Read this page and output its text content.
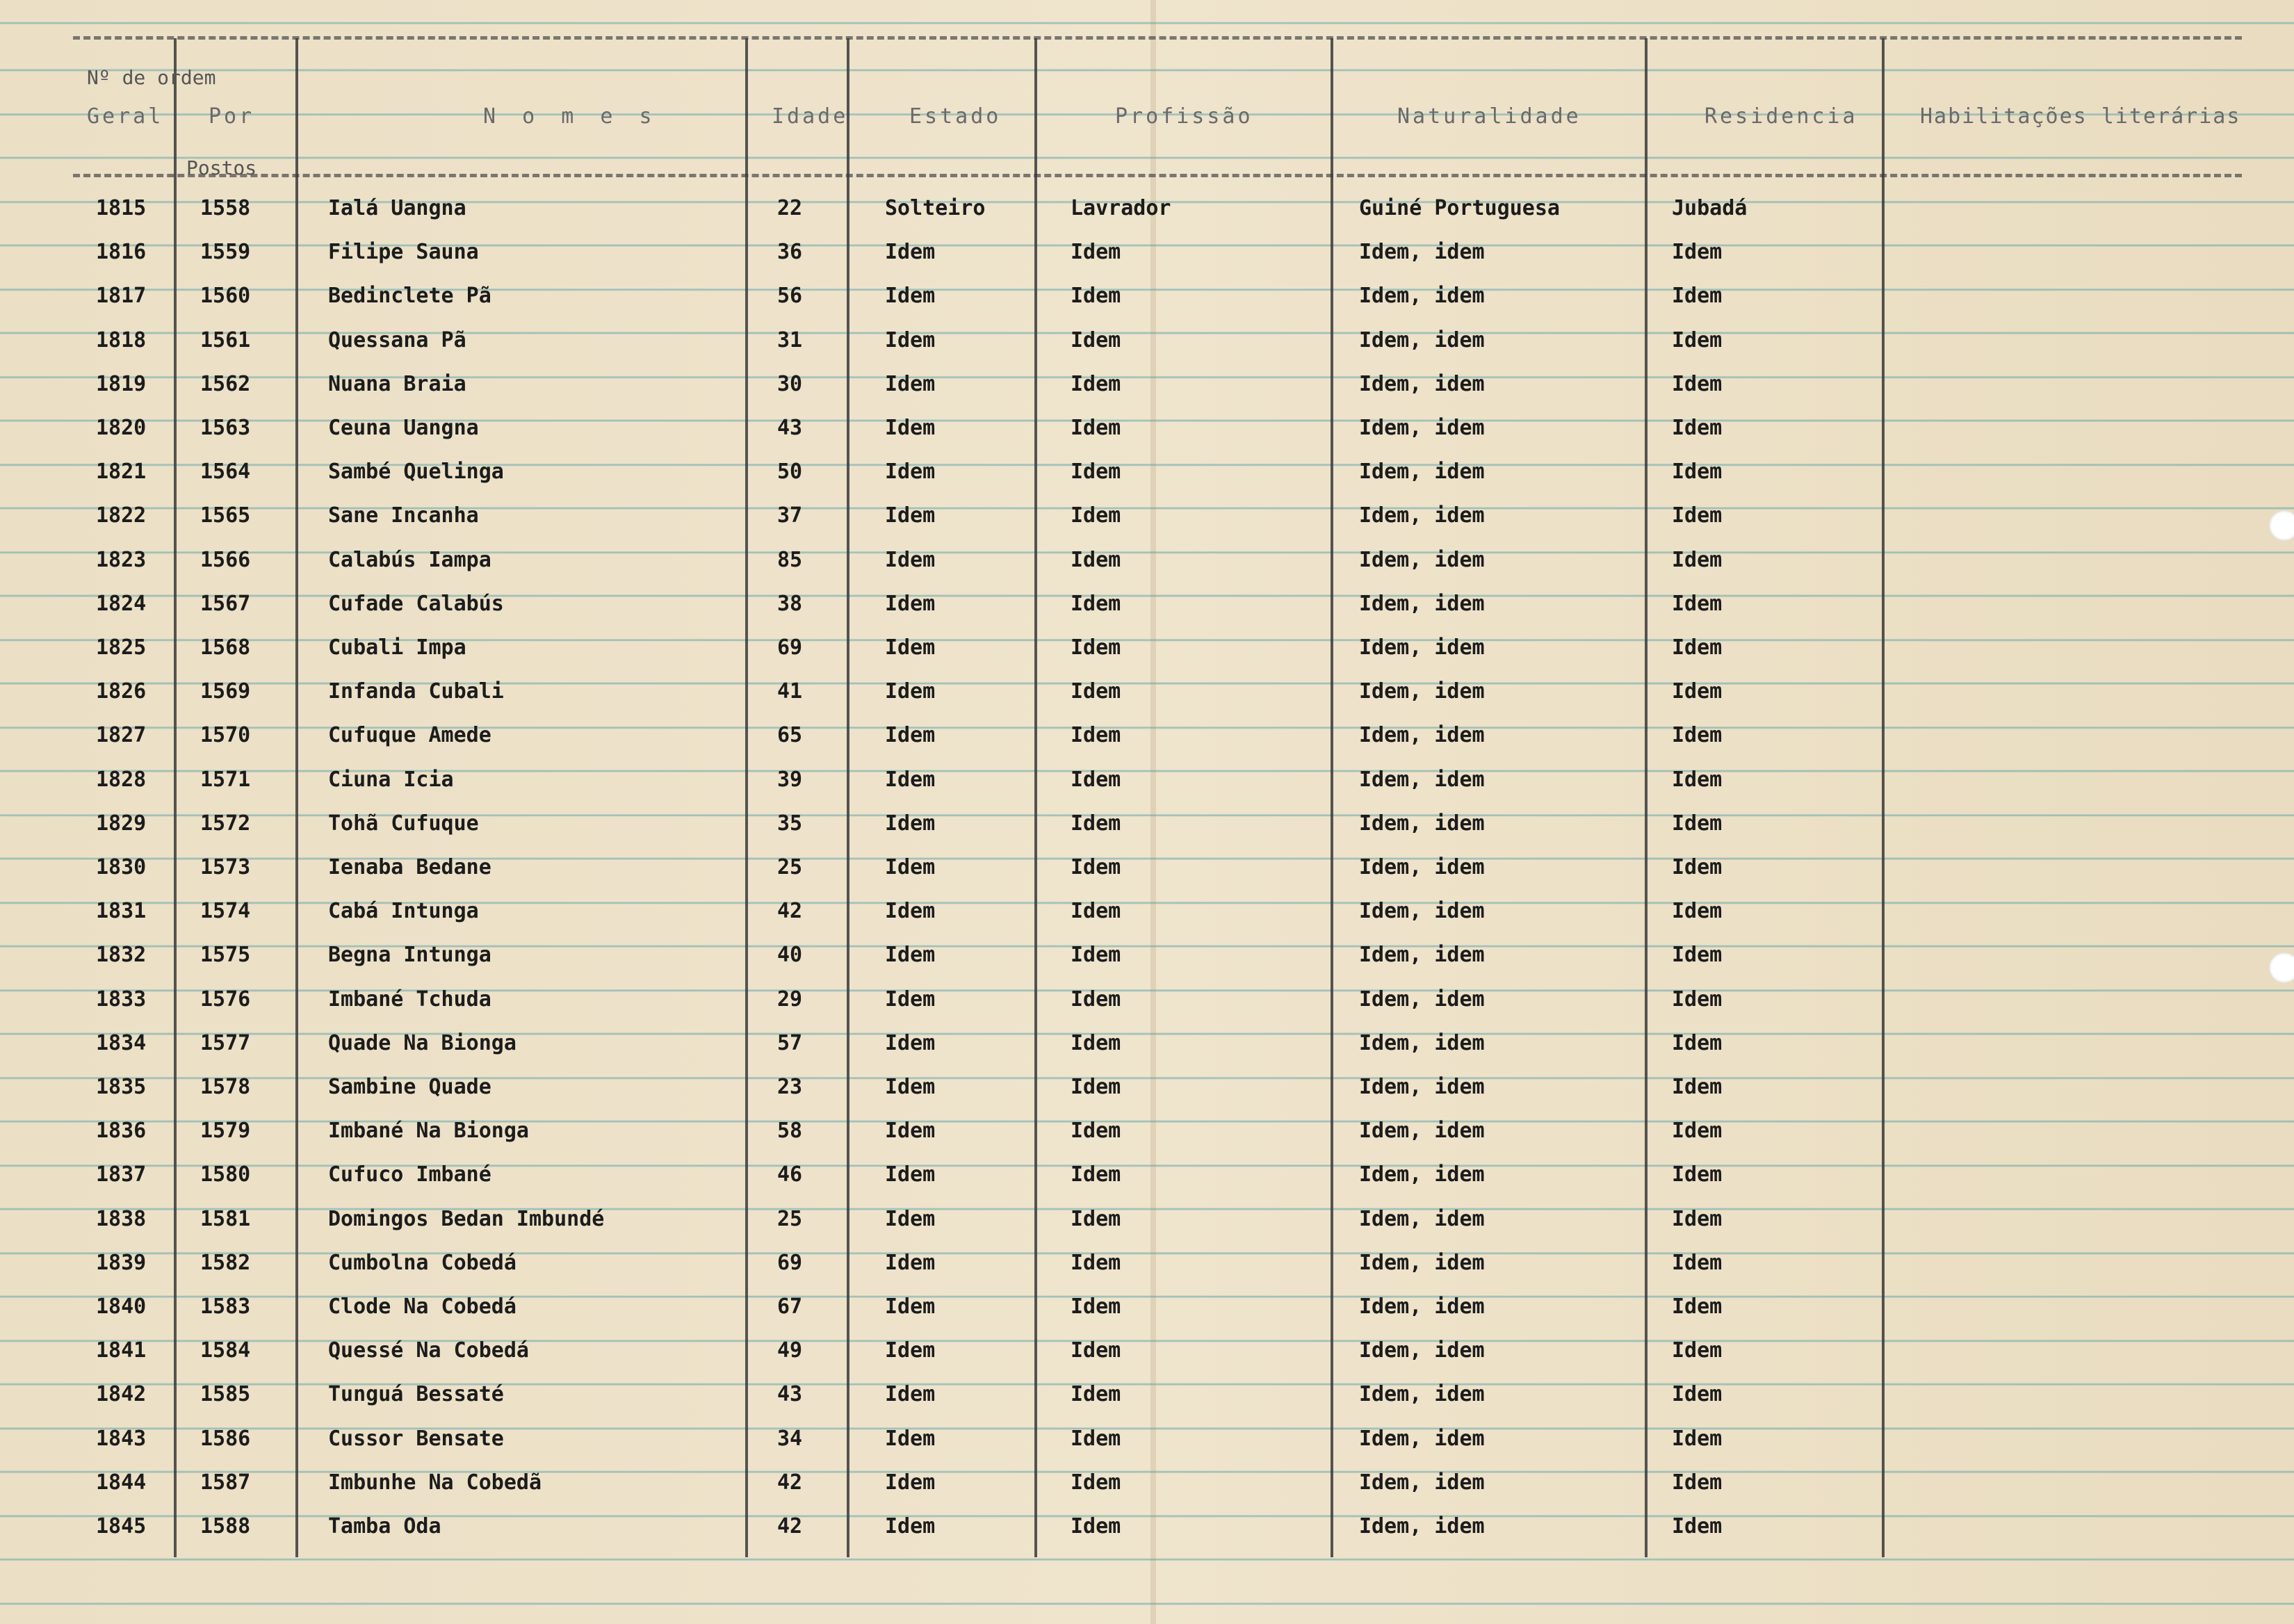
Nº de ordem
Geral Por
Postos
N o m e s	Idade	Estado	Profissão	Naturalidade	Residencia	Habilitações literárias
1815	1558	Ialá Uangna	22	Solteiro	Lavrador	Guiné Portuguesa	Jubadá
1816	1559	Filipe Sauna	36	Idem	Idem	Idem, idem	Idem
1817	1560	Bedinclete Pã	56	Idem	Idem	Idem, idem	Idem
1818	1561	Quessana Pã	31	Idem	Idem	Idem, idem	Idem
1819	1562	Nuana Braia	30	Idem	Idem	Idem, idem	Idem
1820	1563	Ceuna Uangna	43	Idem	Idem	Idem, idem	Idem
1821	1564	Sambé Quelinga	50	Idem	Idem	Idem, idem	Idem
1822	1565	Sane Incanha	37	Idem	Idem	Idem, idem	Idem
1823	1566	Calabús Iampa	85	Idem	Idem	Idem, idem	Idem
1824	1567	Cufade Calabús	38	Idem	Idem	Idem, idem	Idem
1825	1568	Cubali Impa	69	Idem	Idem	Idem, idem	Idem
1826	1569	Infanda Cubali	41	Idem	Idem	Idem, idem	Idem
1827	1570	Cufuque Amede	65	Idem	Idem	Idem, idem	Idem
1828	1571	Ciuna Icia	39	Idem	Idem	Idem, idem	Idem
1829	1572	Tohã Cufuque	35	Idem	Idem	Idem, idem	Idem
1830	1573	Ienaba Bedane	25	Idem	Idem	Idem, idem	Idem
1831	1574	Cabá Intunga	42	Idem	Idem	Idem, idem	Idem
1832	1575	Begna Intunga	40	Idem	Idem	Idem, idem	Idem
1833	1576	Imbané Tchuda	29	Idem	Idem	Idem, idem	Idem
1834	1577	Quade Na Bionga	57	Idem	Idem	Idem, idem	Idem
1835	1578	Sambine Quade	23	Idem	Idem	Idem, idem	Idem
1836	1579	Imbané Na Bionga	58	Idem	Idem	Idem, idem	Idem
1837	1580	Cufuco Imbané	46	Idem	Idem	Idem, idem	Idem
1838	1581	Domingos Bedan Imbundé	25	Idem	Idem	Idem, idem	Idem
1839	1582	Cumbolna Cobedá	69	Idem	Idem	Idem, idem	Idem
1840	1583	Clode Na Cobedá	67	Idem	Idem	Idem, idem	Idem
1841	1584	Quessé Na Cobedá	49	Idem	Idem	Idem, idem	Idem
1842	1585	Tunguá Bessaté	43	Idem	Idem	Idem, idem	Idem
1843	1586	Cussor Bensate	34	Idem	Idem	Idem, idem	Idem
1844	1587	Imbunhe Na Cobedã	42	Idem	Idem	Idem, idem	Idem
1845	1588	Tamba Oda	42	Idem	Idem	Idem, idem	Idem
